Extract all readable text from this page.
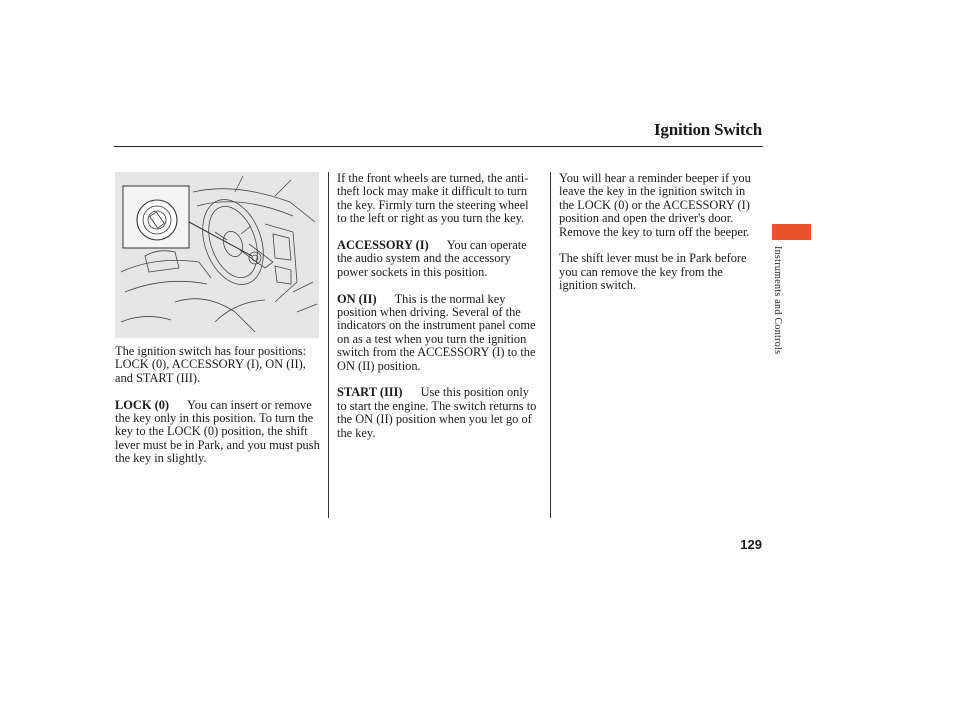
Ignition Switch

The ignition switch has four positions: LOCK (0), ACCESSORY (I), ON (II), and START (III).

LOCK (0) You can insert or remove the key only in this position. To turn the key to the LOCK (0) position, the shift lever must be in Park, and you must push the key in slightly.

If the front wheels are turned, the anti-theft lock may make it difficult to turn the key. Firmly turn the steering wheel to the left or right as you turn the key.

ACCESSORY (I) You can operate the audio system and the accessory power sockets in this position.

ON (II) This is the normal key position when driving. Several of the indicators on the instrument panel come on as a test when you turn the ignition switch from the ACCESSORY (I) to the ON (II) position.

START (III) Use this position only to start the engine. The switch returns to the ON (II) position when you let go of the key.

You will hear a reminder beeper if you leave the key in the ignition switch in the LOCK (0) or the ACCESSORY (I) position and open the driver's door. Remove the key to turn off the beeper.

The shift lever must be in Park before you can remove the key from the ignition switch.	Instruments and Controls
129
